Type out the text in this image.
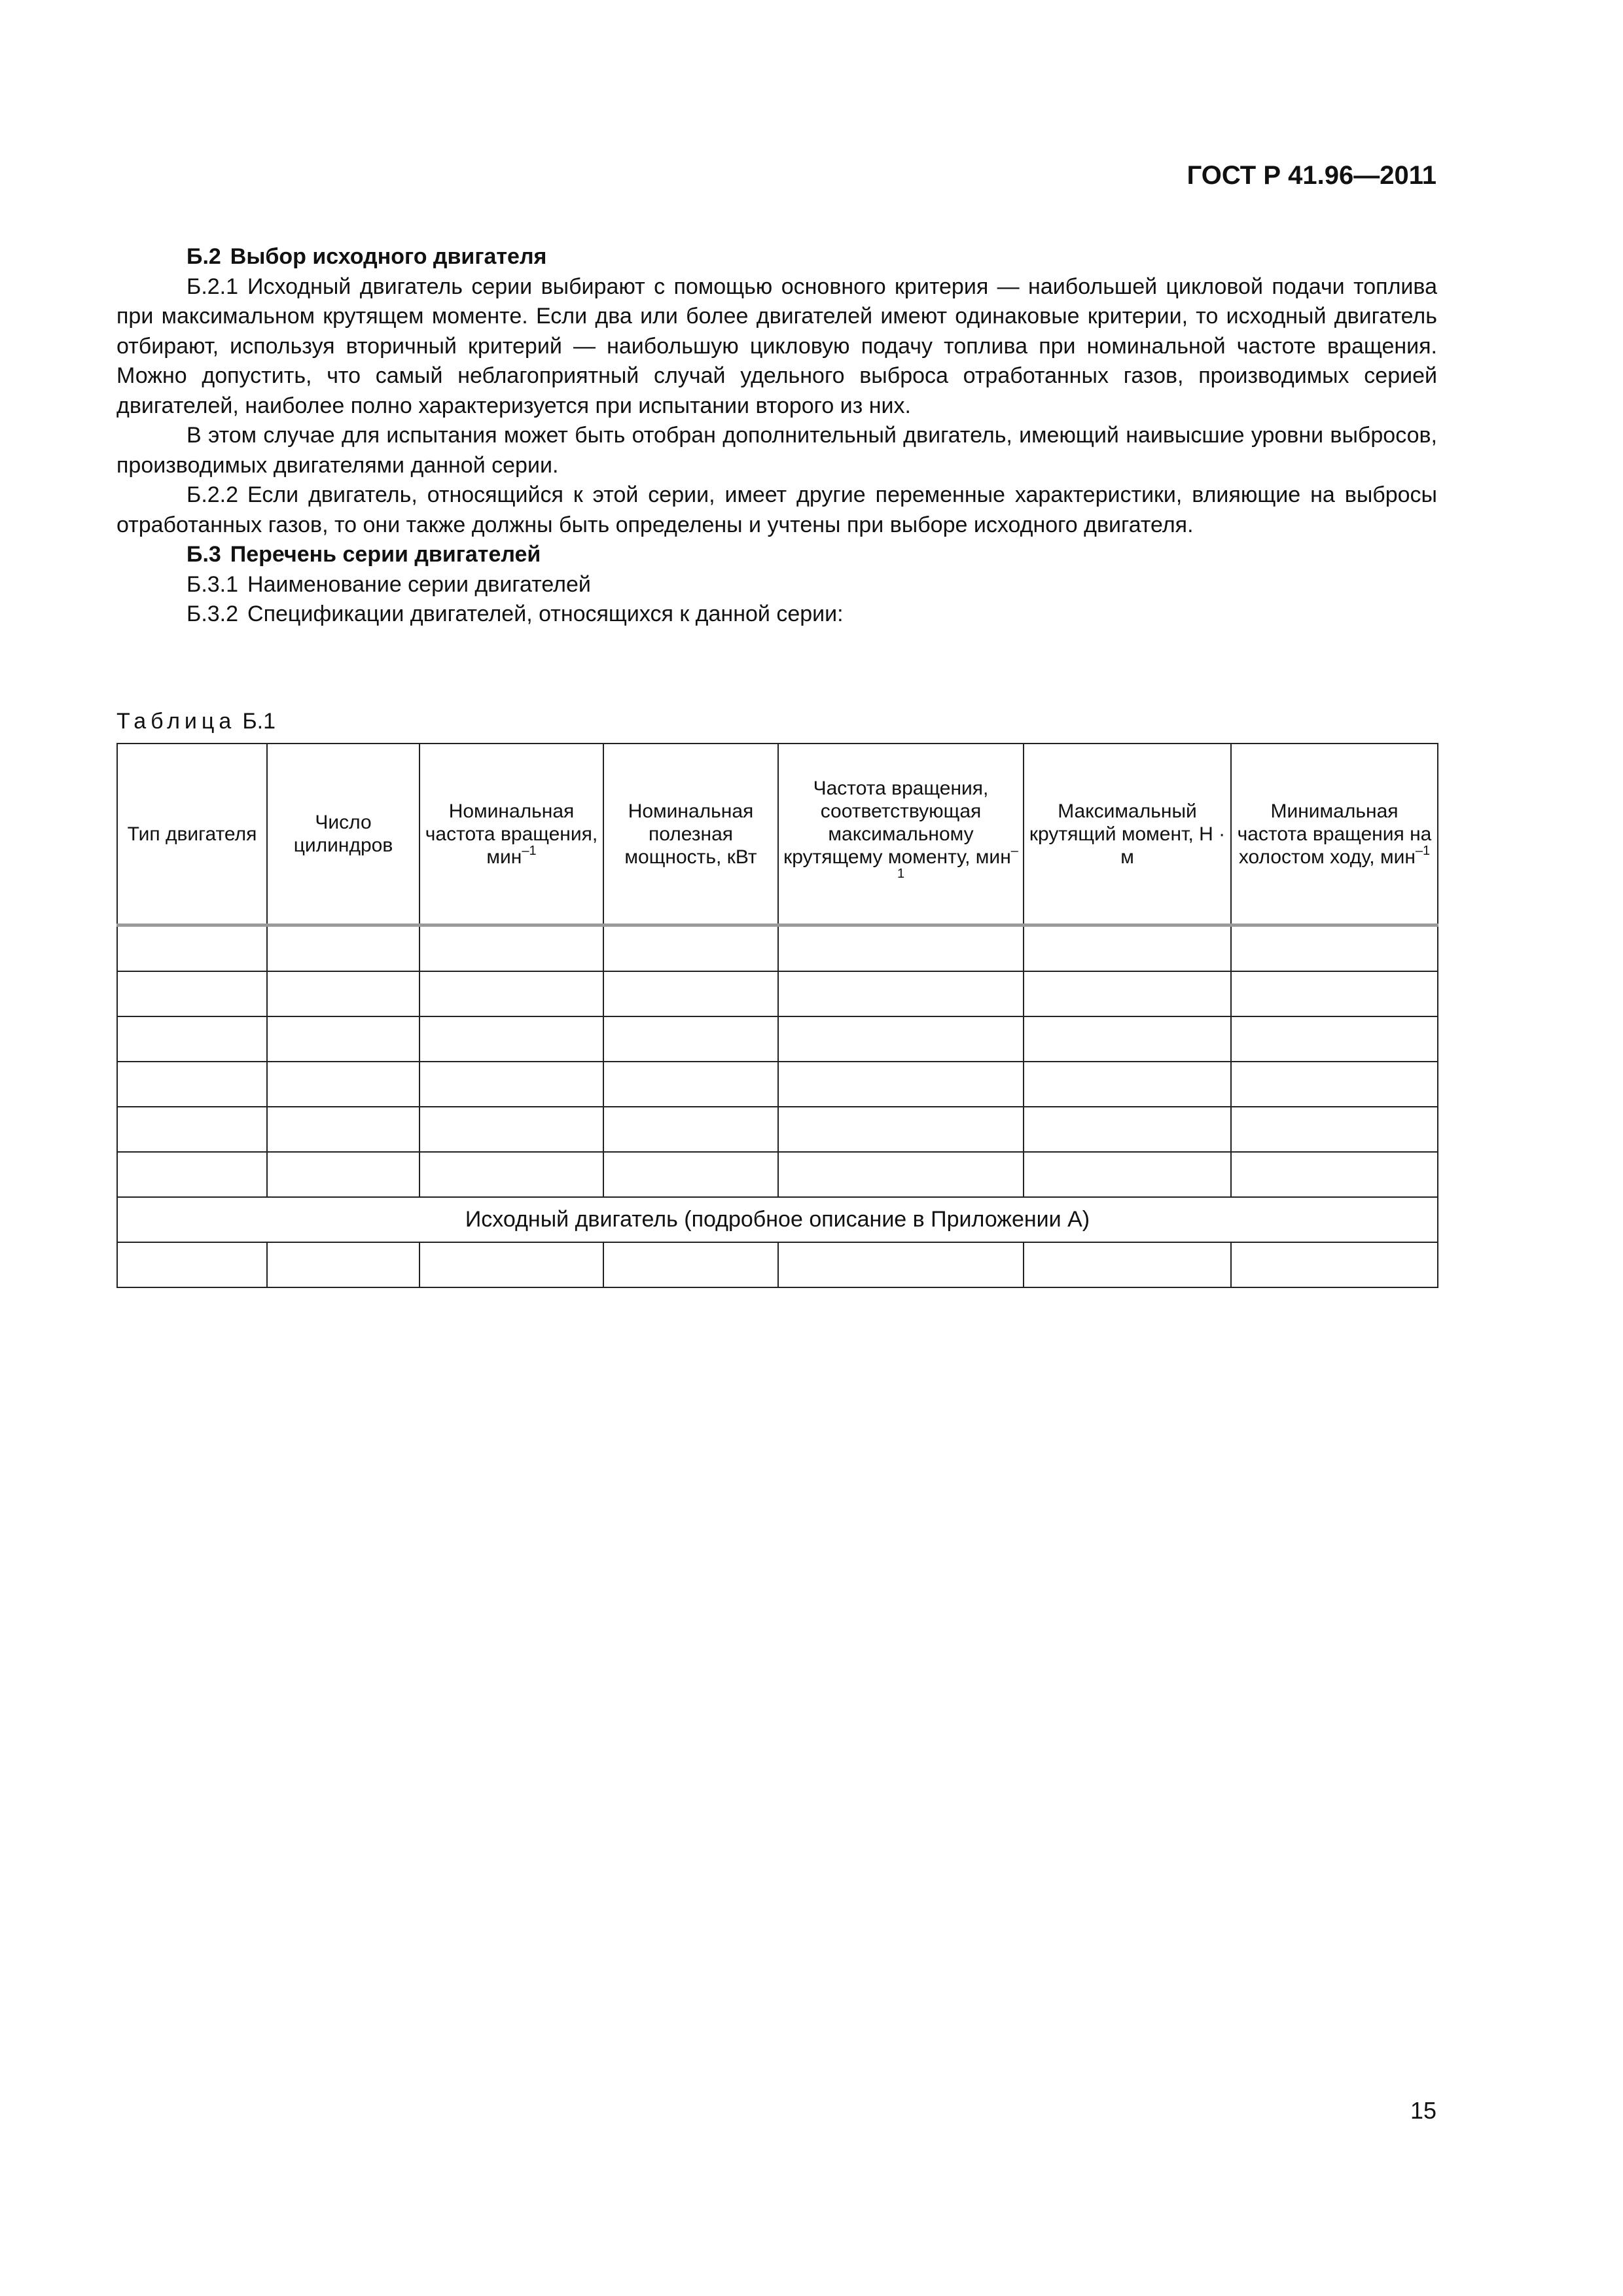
ГОСТ Р 41.96—2011

Б.2 Выбор исходного двигателя

Б.2.1 Исходный двигатель серии выбирают с помощью основного критерия — наибольшей цикловой подачи топлива при максимальном крутящем моменте. Если два или более двигателей имеют одинаковые критерии, то исходный двигатель отбирают, используя вторичный критерий — наибольшую цикловую подачу топлива при номинальной частоте вращения. Можно допустить, что самый неблагоприятный случай удельного выброса отработанных газов, производимых серией двигателей, наиболее полно характеризуется при испытании второго из них.

В этом случае для испытания может быть отобран дополнительный двигатель, имеющий наивысшие уровни выбросов, производимых двигателями данной серии.

Б.2.2 Если двигатель, относящийся к этой серии, имеет другие переменные характеристики, влияющие на выбросы отработанных газов, то они также должны быть определены и учтены при выборе исходного двигателя.

Б.3 Перечень серии двигателей

Б.3.1 Наименование серии двигателей

Б.3.2 Спецификации двигателей, относящихся к данной серии:

Таблица Б.1
Тип двигателя	Число цилиндров	Номинальная частота вращения, мин$^{-1}$	Номинальная полезная мощность, кВт	Частота вращения, соответствующая максимальному крутящему моменту, мин$^{-1}$	Максимальный крутящий момент, Н · м	Минимальная частота вращения на холостом ходу, мин$^{-1}$

Исходный двигатель (подробное описание в Приложении А)						

15
